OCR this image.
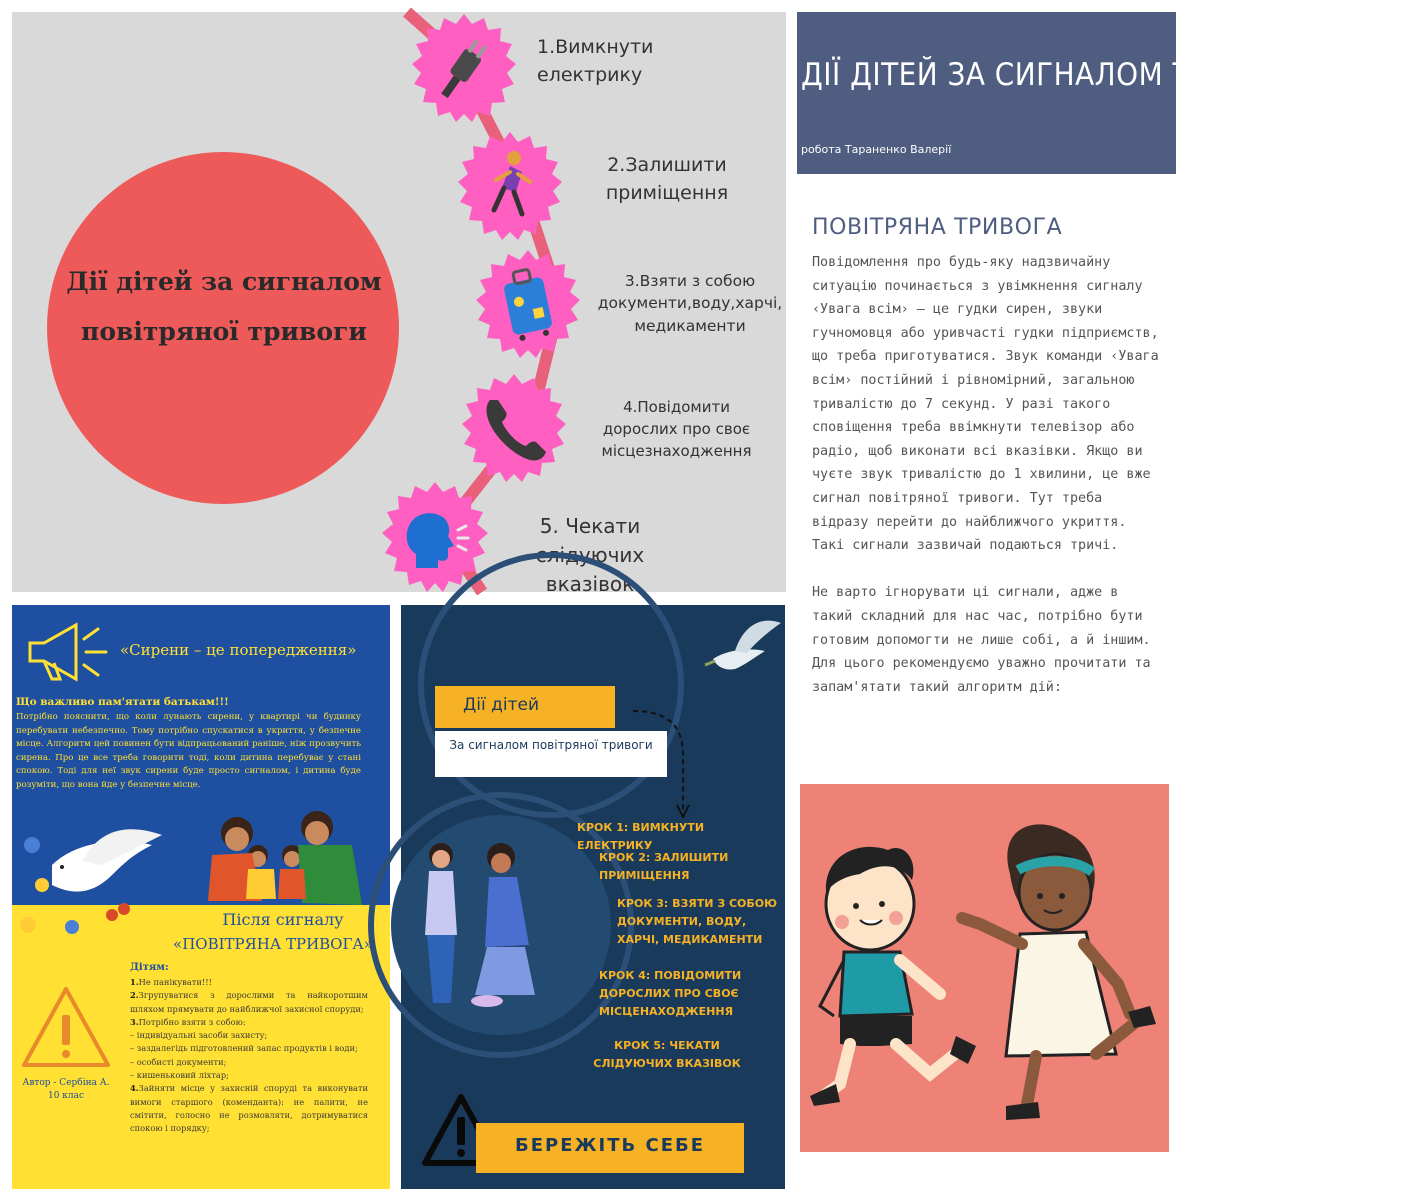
Дії дітей за сигналом повітряної тривоги
1.Вимкнути електрику
2.Залишити приміщення
3.Взяти з собою документи,воду,харчі, медикаменти
4.Повідомити дорослих про своє місцезнаходження
5. Чекати слідуючих вказівок
ДІЇ ДІТЕЙ ЗА СИГНАЛОМ ТРИВОГИ
робота Тараненко Валерії
ПОВІТРЯНА ТРИВОГА
Повідомлення про будь-яку надзвичайну ситуацію починається з увімкнення сигналу ‹Увага всім› — це гудки сирен, звуки гучномовця або уривчасті гудки підприємств, що треба приготуватися. Звук команди ‹Увага всім› постійний і рівномірний, загальною тривалістю до 7 секунд. У разі такого сповіщення треба ввімкнути телевізор або радіо, щоб виконати всі вказівки. Якщо ви чуєте звук тривалістю до 1 хвилини, це вже сигнал повітряної тривоги. Тут треба відразу перейти до найближчого укриття. Такі сигнали зазвичай подаються тричі.

Не варто ігнорувати ці сигнали, адже в такий складний для нас час, потрібно бути готовим допомогти не лише собі, а й іншим. Для цього рекомендуємо уважно прочитати та запам'ятати такий алгоритм дій:
«Сирени – це попередження»
Що важливо пам'ятати батькам!!!
Потрібно пояснити, що коли лунають сирени, у квартирі чи будинку перебувати небезпечно. Тому потрібно спускатися в укриття, у безпечне місце. Алгоритм цей повинен бути відпрацьований раніше, ніж прозвучить сирена. Про це все треба говорити тоді, коли дитина перебуває у стані спокою. Тоді для неї звук сирени буде просто сигналом, і дитина буде розуміти, що вона йде у безпечне місце.
Після сигналу
«ПОВІТРЯНА ТРИВОГА»
Дітям:
1.Не панікувати!!!
2.Згрупуватися з дорослими та найкоротшим шляхом прямувати до найближчої захисної споруди;
3.Потрібно взяти з собою:
– індивідуальні засоби захисту;
– заздалегідь підготовлений запас продуктів і води;
– особисті документи;
– кишеньковий ліхтар;
4.Зайняти місце у захисній споруді та виконувати вимоги старшого (коменданта): не палити, не смітити, голосно не розмовляти, дотримуватися спокою і порядку;
Автор - Сербіна А.
10 клас
Дії дітей
За сигналом повітряної тривоги
КРОК 1: ВИМКНУТИ ЕЛЕКТРИКУ
КРОК 2: ЗАЛИШИТИ ПРИМІЩЕННЯ
КРОК 3: ВЗЯТИ З СОБОЮ ДОКУМЕНТИ, ВОДУ, ХАРЧІ, МЕДИКАМЕНТИ
КРОК 4: ПОВІДОМИТИ ДОРОСЛИХ ПРО СВОЄ МІСЦЕНАХОДЖЕННЯ
КРОК 5: ЧЕКАТИ СЛІДУЮЧИХ ВКАЗІВОК
БЕРЕЖІТЬ СЕБЕ
